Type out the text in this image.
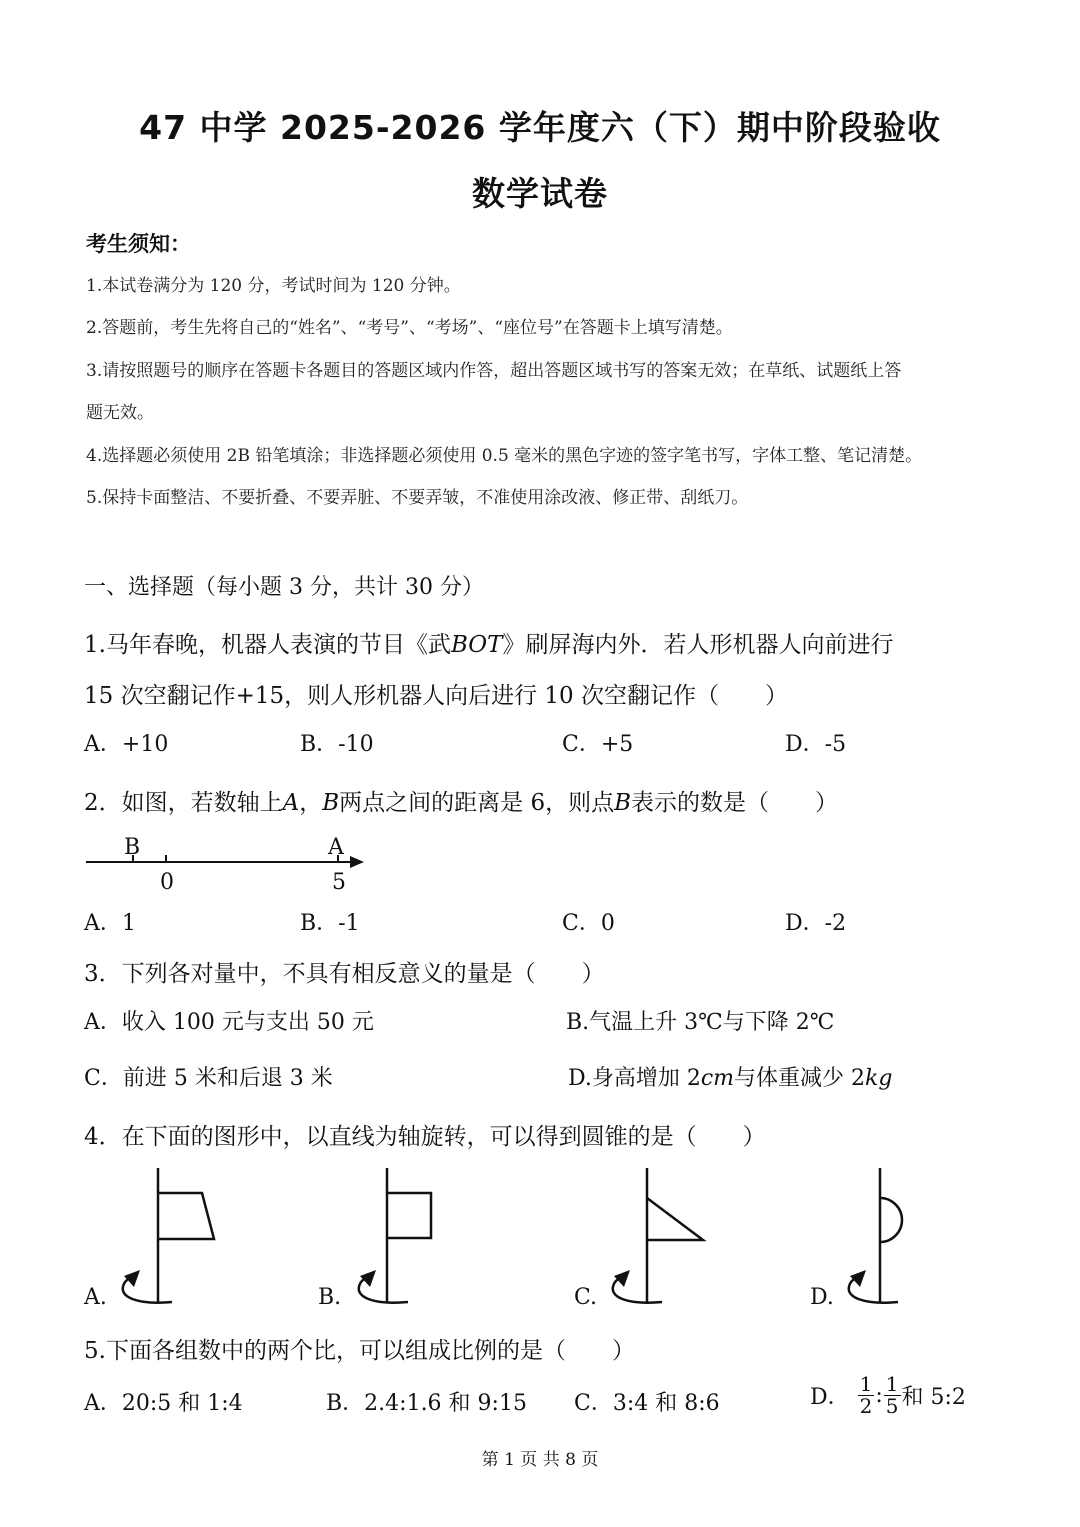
47 中学 2025-2026 学年度六（下）期中阶段验收
数学试卷
考生须知：
1.本试卷满分为 120 分，考试时间为 120 分钟。
2.答题前，考生先将自己的“姓名”、“考号”、“考场”、“座位号”在答题卡上填写清楚。
3.请按照题号的顺序在答题卡各题目的答题区域内作答，超出答题区域书写的答案无效；在草纸、试题纸上答
题无效。
4.选择题必须使用 2B 铅笔填涂；非选择题必须使用 0.5 毫米的黑色字迹的签字笔书写，字体工整、笔记清楚。
5.保持卡面整洁、不要折叠、不要弄脏、不要弄皱，不准使用涂改液、修正带、刮纸刀。
一、选择题（每小题 3 分，共计 30 分）
1.马年春晚，机器人表演的节目《武BOT》刷屏海内外．若人形机器人向前进行
15 次空翻记作+15，则人形机器人向后进行 10 次空翻记作（　　）
A．+10	B．-10	C．+5	D．-5
2．如图，若数轴上A，B两点之间的距离是 6，则点B表示的数是（　　）
B	A
0	5
A．1	B．-1	C．0	D．-2
3．下列各对量中，不具有相反意义的量是（　　）
A．收入 100 元与支出 50 元	B.气温上升 3℃与下降 2℃
C．前进 5 米和后退 3 米	D.身高增加 2cm与体重减少 2kg
4．在下面的图形中，以直线为轴旋转，可以得到圆锥的是（　　）
A.	B.	C.	D.
5.下面各组数中的两个比，可以组成比例的是（　　）
A．20:5 和 1:4	B．2.4:1.6 和 9:15 C．3:4 和 8:6	D． $\frac{1}{2}$ : $\frac{1}{5}$ 和 5:2
第 1 页 共 8 页
